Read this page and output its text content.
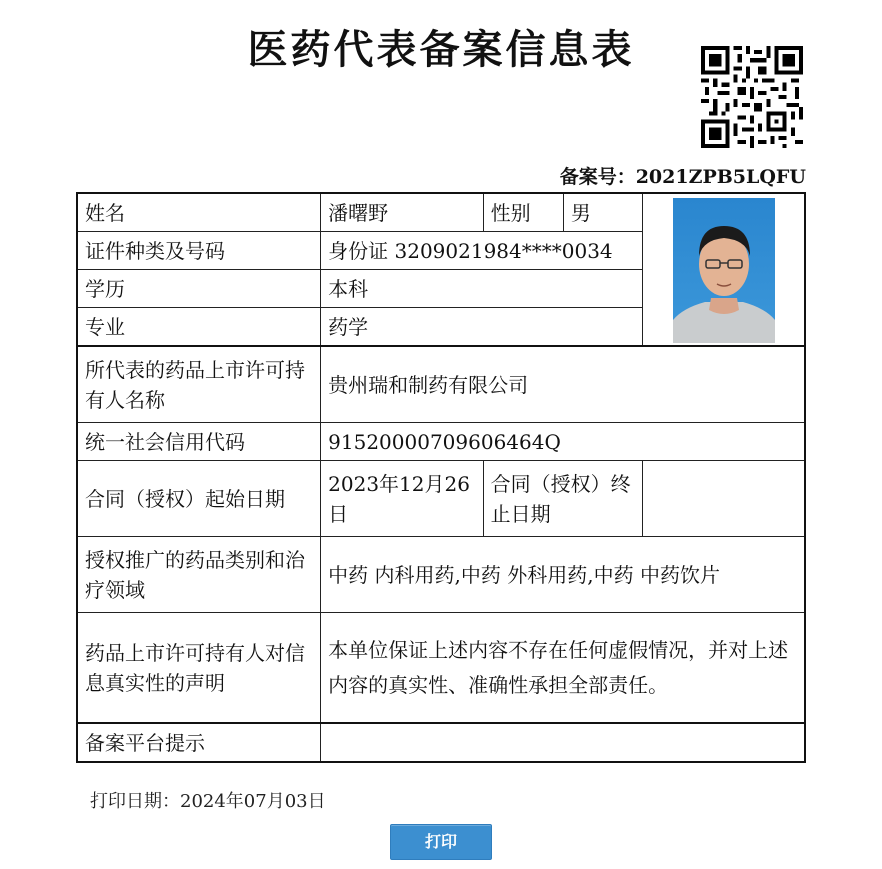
医药代表备案信息表
备案号：2021ZPB5LQFU
姓名	潘曙野	性别	男	

证件种类及号码	身份证 3209021984****0034			
学历	本科			
专业	药学			
所代表的药品上市许可持有人名称	贵州瑞和制药有限公司			
统一社会信用代码	91520000709606464Q			
合同（授权）起始日期	2023年12月26日	合同（授权）终止日期		
授权推广的药品类别和治疗领域	中药 内科用药,中药 外科用药,中药 中药饮片			
药品上市许可持有人对信息真实性的声明	本单位保证上述内容不存在任何虚假情况，并对上述内容的真实性、准确性承担全部责任。			
备案平台提示				
打印日期：2024年07月03日
打印
